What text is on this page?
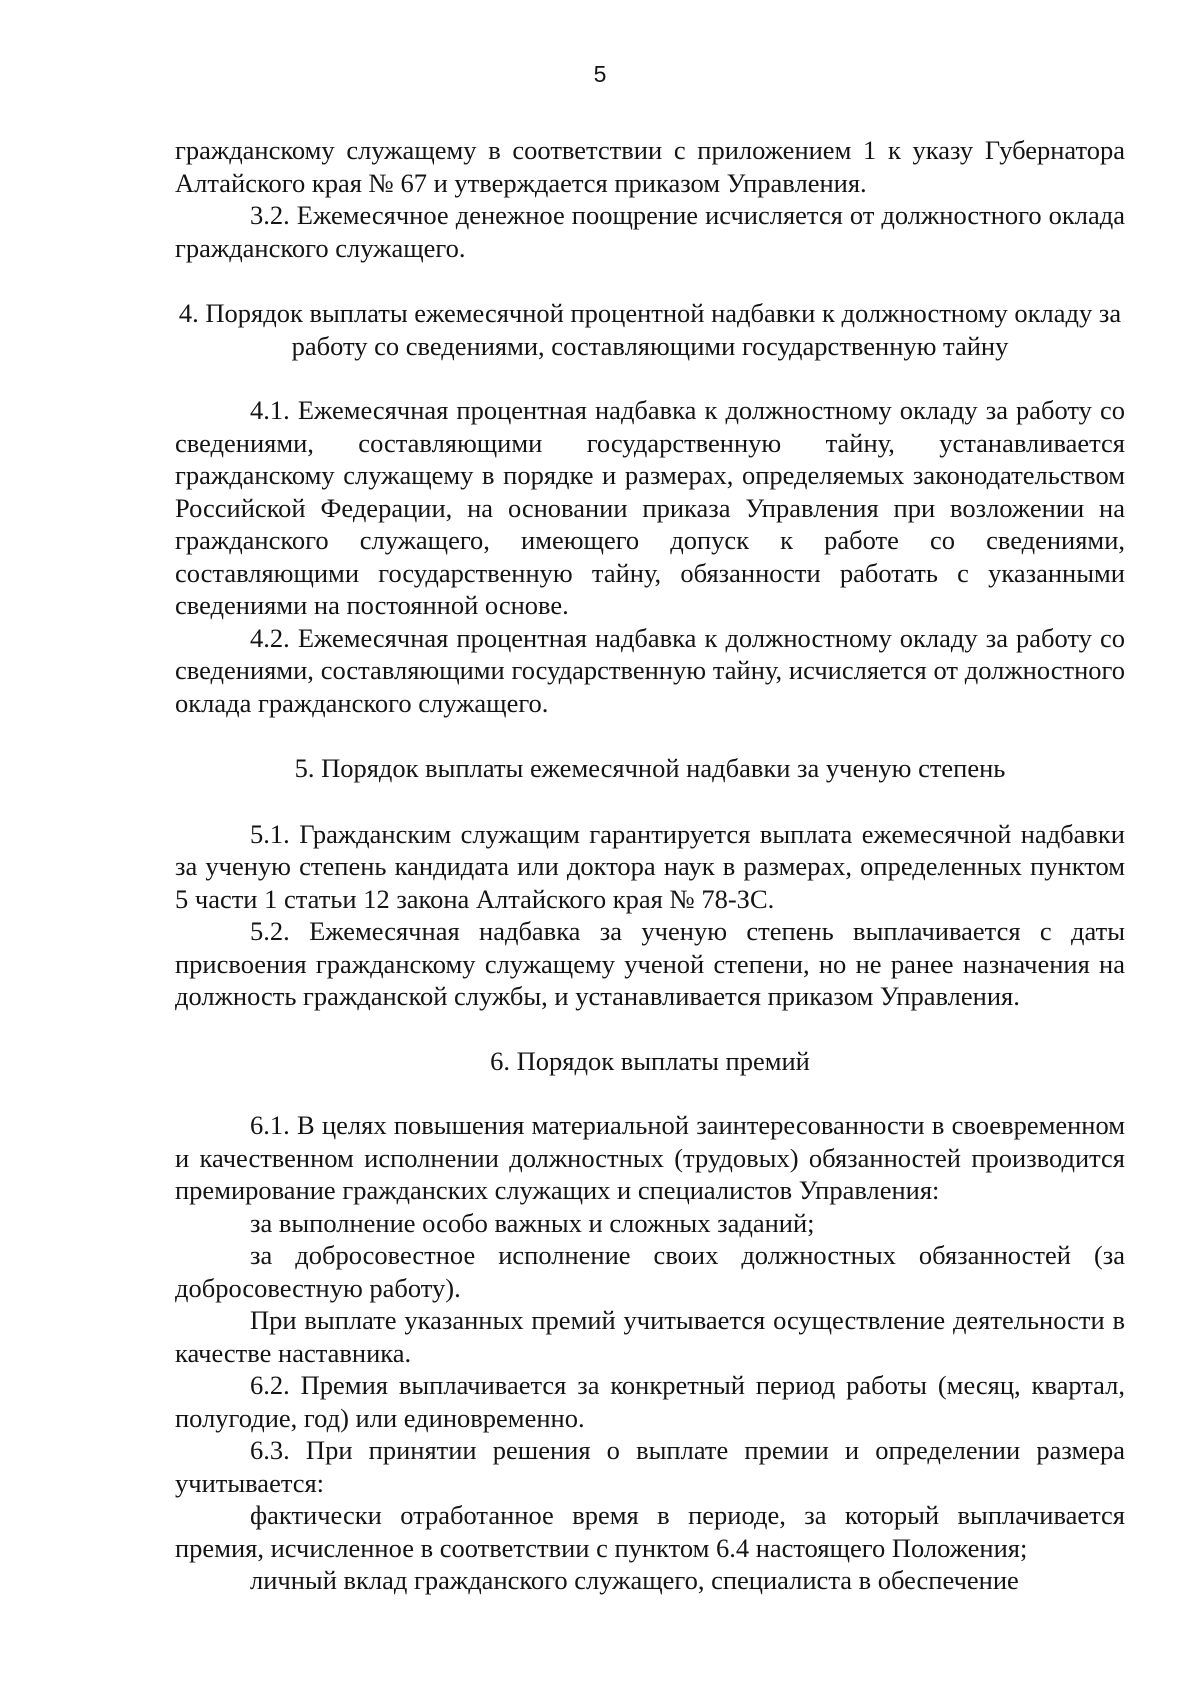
5

гражданскому служащему в соответствии с приложением 1 к указу Губернатора Алтайского края № 67 и утверждается приказом Управления.

3.2. Ежемесячное денежное поощрение исчисляется от должностного оклада гражданского служащего.

4. Порядок выплаты ежемесячной процентной надбавки к должностному окладу за работу со сведениями, составляющими государственную тайну

4.1. Ежемесячная процентная надбавка к должностному окладу за работу со сведениями, составляющими государственную тайну, устанавливается гражданскому служащему в порядке и размерах, определяемых законодательством Российской Федерации, на основании приказа Управления при возложении на гражданского служащего, имеющего допуск к работе со сведениями, составляющими государственную тайну, обязанности работать с указанными сведениями на постоянной основе.

4.2. Ежемесячная процентная надбавка к должностному окладу за работу со сведениями, составляющими государственную тайну, исчисляется от должностного оклада гражданского служащего.

5. Порядок выплаты ежемесячной надбавки за ученую степень

5.1. Гражданским служащим гарантируется выплата ежемесячной надбавки за ученую степень кандидата или доктора наук в размерах, определенных пунктом 5 части 1 статьи 12 закона Алтайского края № 78-ЗС.

5.2. Ежемесячная надбавка за ученую степень выплачивается с даты присвоения гражданскому служащему ученой степени, но не ранее назначения на должность гражданской службы, и устанавливается приказом Управления.

6. Порядок выплаты премий

6.1. В целях повышения материальной заинтересованности в своевременном и качественном исполнении должностных (трудовых) обязанностей производится премирование гражданских служащих и специалистов Управления:

за выполнение особо важных и сложных заданий;

за добросовестное исполнение своих должностных обязанностей (за добросовестную работу).

При выплате указанных премий учитывается осуществление деятельности в качестве наставника.

6.2. Премия выплачивается за конкретный период работы (месяц, квартал, полугодие, год) или единовременно.

6.3. При принятии решения о выплате премии и определении размера учитывается:

фактически отработанное время в периоде, за который выплачивается премия, исчисленное в соответствии с пунктом 6.4 настоящего Положения;

личный вклад гражданского служащего, специалиста в обеспечение
